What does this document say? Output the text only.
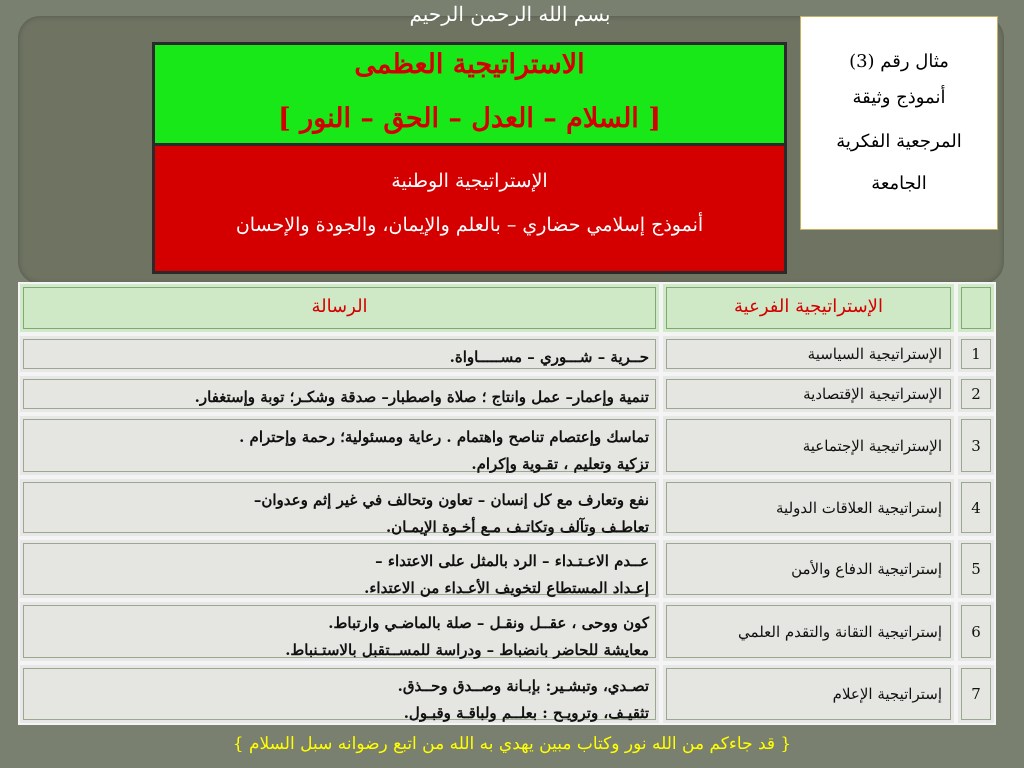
بسم الله الرحمن الرحيم
الاستراتيجية العظمى
[ السلام – العدل – الحق – النور ]
الإستراتيجية الوطنية
أنموذج إسلامي حضاري – بالعلم والإيمان، والجودة والإحسان
مثال رقم (3)
أنموذج وثيقة
المرجعية الفكرية
الجامعة

	الإستراتيجية الفرعية	الرسالة

1	الإستراتيجية السياسية	حــرية – شـــوري – مســـــاواة.

2	الإستراتيجية الإقتصادية	تنمية وإعمار– عمل وانتاج ؛ صلاة واصطبار– صدقة وشكـر؛ توبة وإستغفار.

3	الإستراتيجية الإجتماعية	تماسك وإعتصام تناصح واهتمام . رعاية ومسئولية؛ رحمة وإحترام .
تزكية وتعليم ، تقـوية وإكرام.

4	إستراتيجية العلاقات الدولية	نفع وتعارف مع كل إنسان – تعاون وتحالف في غير إثم وعدوان–
تعاطـف وتآلف وتكاتـف مـع أخـوة الإيمـان.

5	إستراتيجية الدفاع والأمن	عــدم الاعـتـداء – الرد بالمثل على الاعتداء –
إعـداد المستطاع لتخويف الأعـداء من الاعتداء.

6	إستراتيجية التقانة والتقدم العلمي	كون ووحى ، عقــل ونقـل – صلة بالماضـي وارتباط.
معايشة للحاضر بانضباط – ودراسة للمســتقبل بالاستـنباط.

7	إستراتيجية الإعلام	تصـدي، وتبشـير: بإبـانة وصــدق وحــذق.
تثقيـف، وترويـح : بعلــم ولباقـة وقبـول.
{ قد جاءكم من الله نور وكتاب مبين يهدي به الله من اتبع رضوانه سبل السلام }
